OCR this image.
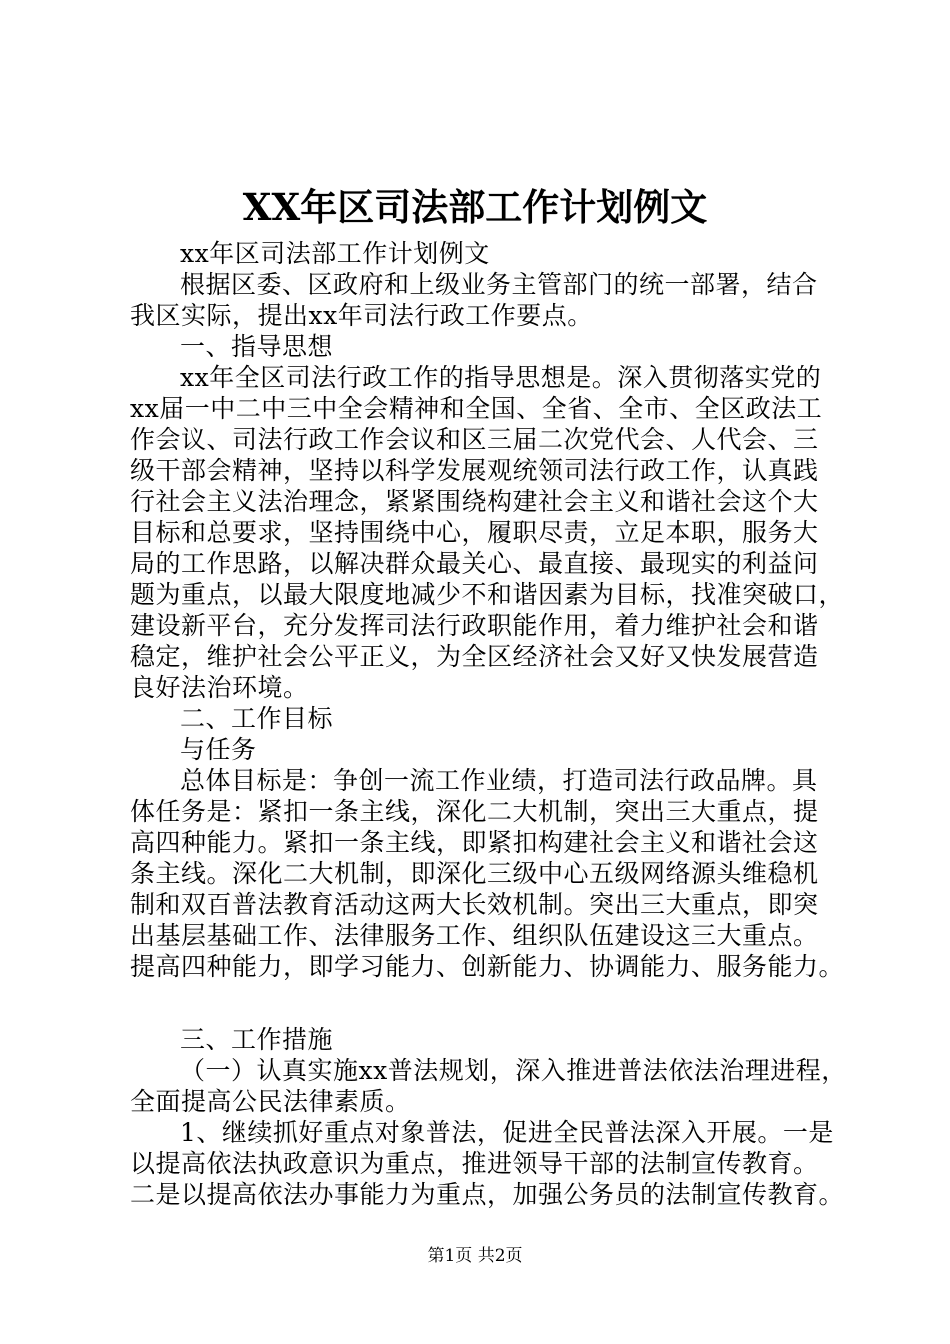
XX年区司法部工作计划例文
xx年区司法部工作计划例文
根据区委、区政府和上级业务主管部门的统一部署，结合
我区实际，提出xx年司法行政工作要点。
一、指导思想
xx年全区司法行政工作的指导思想是。深入贯彻落实党的
xx届一中二中三中全会精神和全国、全省、全市、全区政法工
作会议、司法行政工作会议和区三届二次党代会、人代会、三
级干部会精神，坚持以科学发展观统领司法行政工作，认真践
行社会主义法治理念，紧紧围绕构建社会主义和谐社会这个大
目标和总要求，坚持围绕中心，履职尽责，立足本职，服务大
局的工作思路，以解决群众最关心、最直接、最现实的利益问
题为重点，以最大限度地减少不和谐因素为目标，找准突破口，
建设新平台，充分发挥司法行政职能作用，着力维护社会和谐
稳定，维护社会公平正义，为全区经济社会又好又快发展营造
良好法治环境。
二、工作目标
与任务
总体目标是：争创一流工作业绩，打造司法行政品牌。具
体任务是：紧扣一条主线，深化二大机制，突出三大重点，提
高四种能力。紧扣一条主线，即紧扣构建社会主义和谐社会这
条主线。深化二大机制，即深化三级中心五级网络源头维稳机
制和双百普法教育活动这两大长效机制。突出三大重点，即突
出基层基础工作、法律服务工作、组织队伍建设这三大重点。
提高四种能力，即学习能力、创新能力、协调能力、服务能力。
三、工作措施
（一）认真实施xx普法规划，深入推进普法依法治理进程，
全面提高公民法律素质。
1、继续抓好重点对象普法，促进全民普法深入开展。一是
以提高依法执政意识为重点，推进领导干部的法制宣传教育。
二是以提高依法办事能力为重点，加强公务员的法制宣传教育。
第1页 共2页
